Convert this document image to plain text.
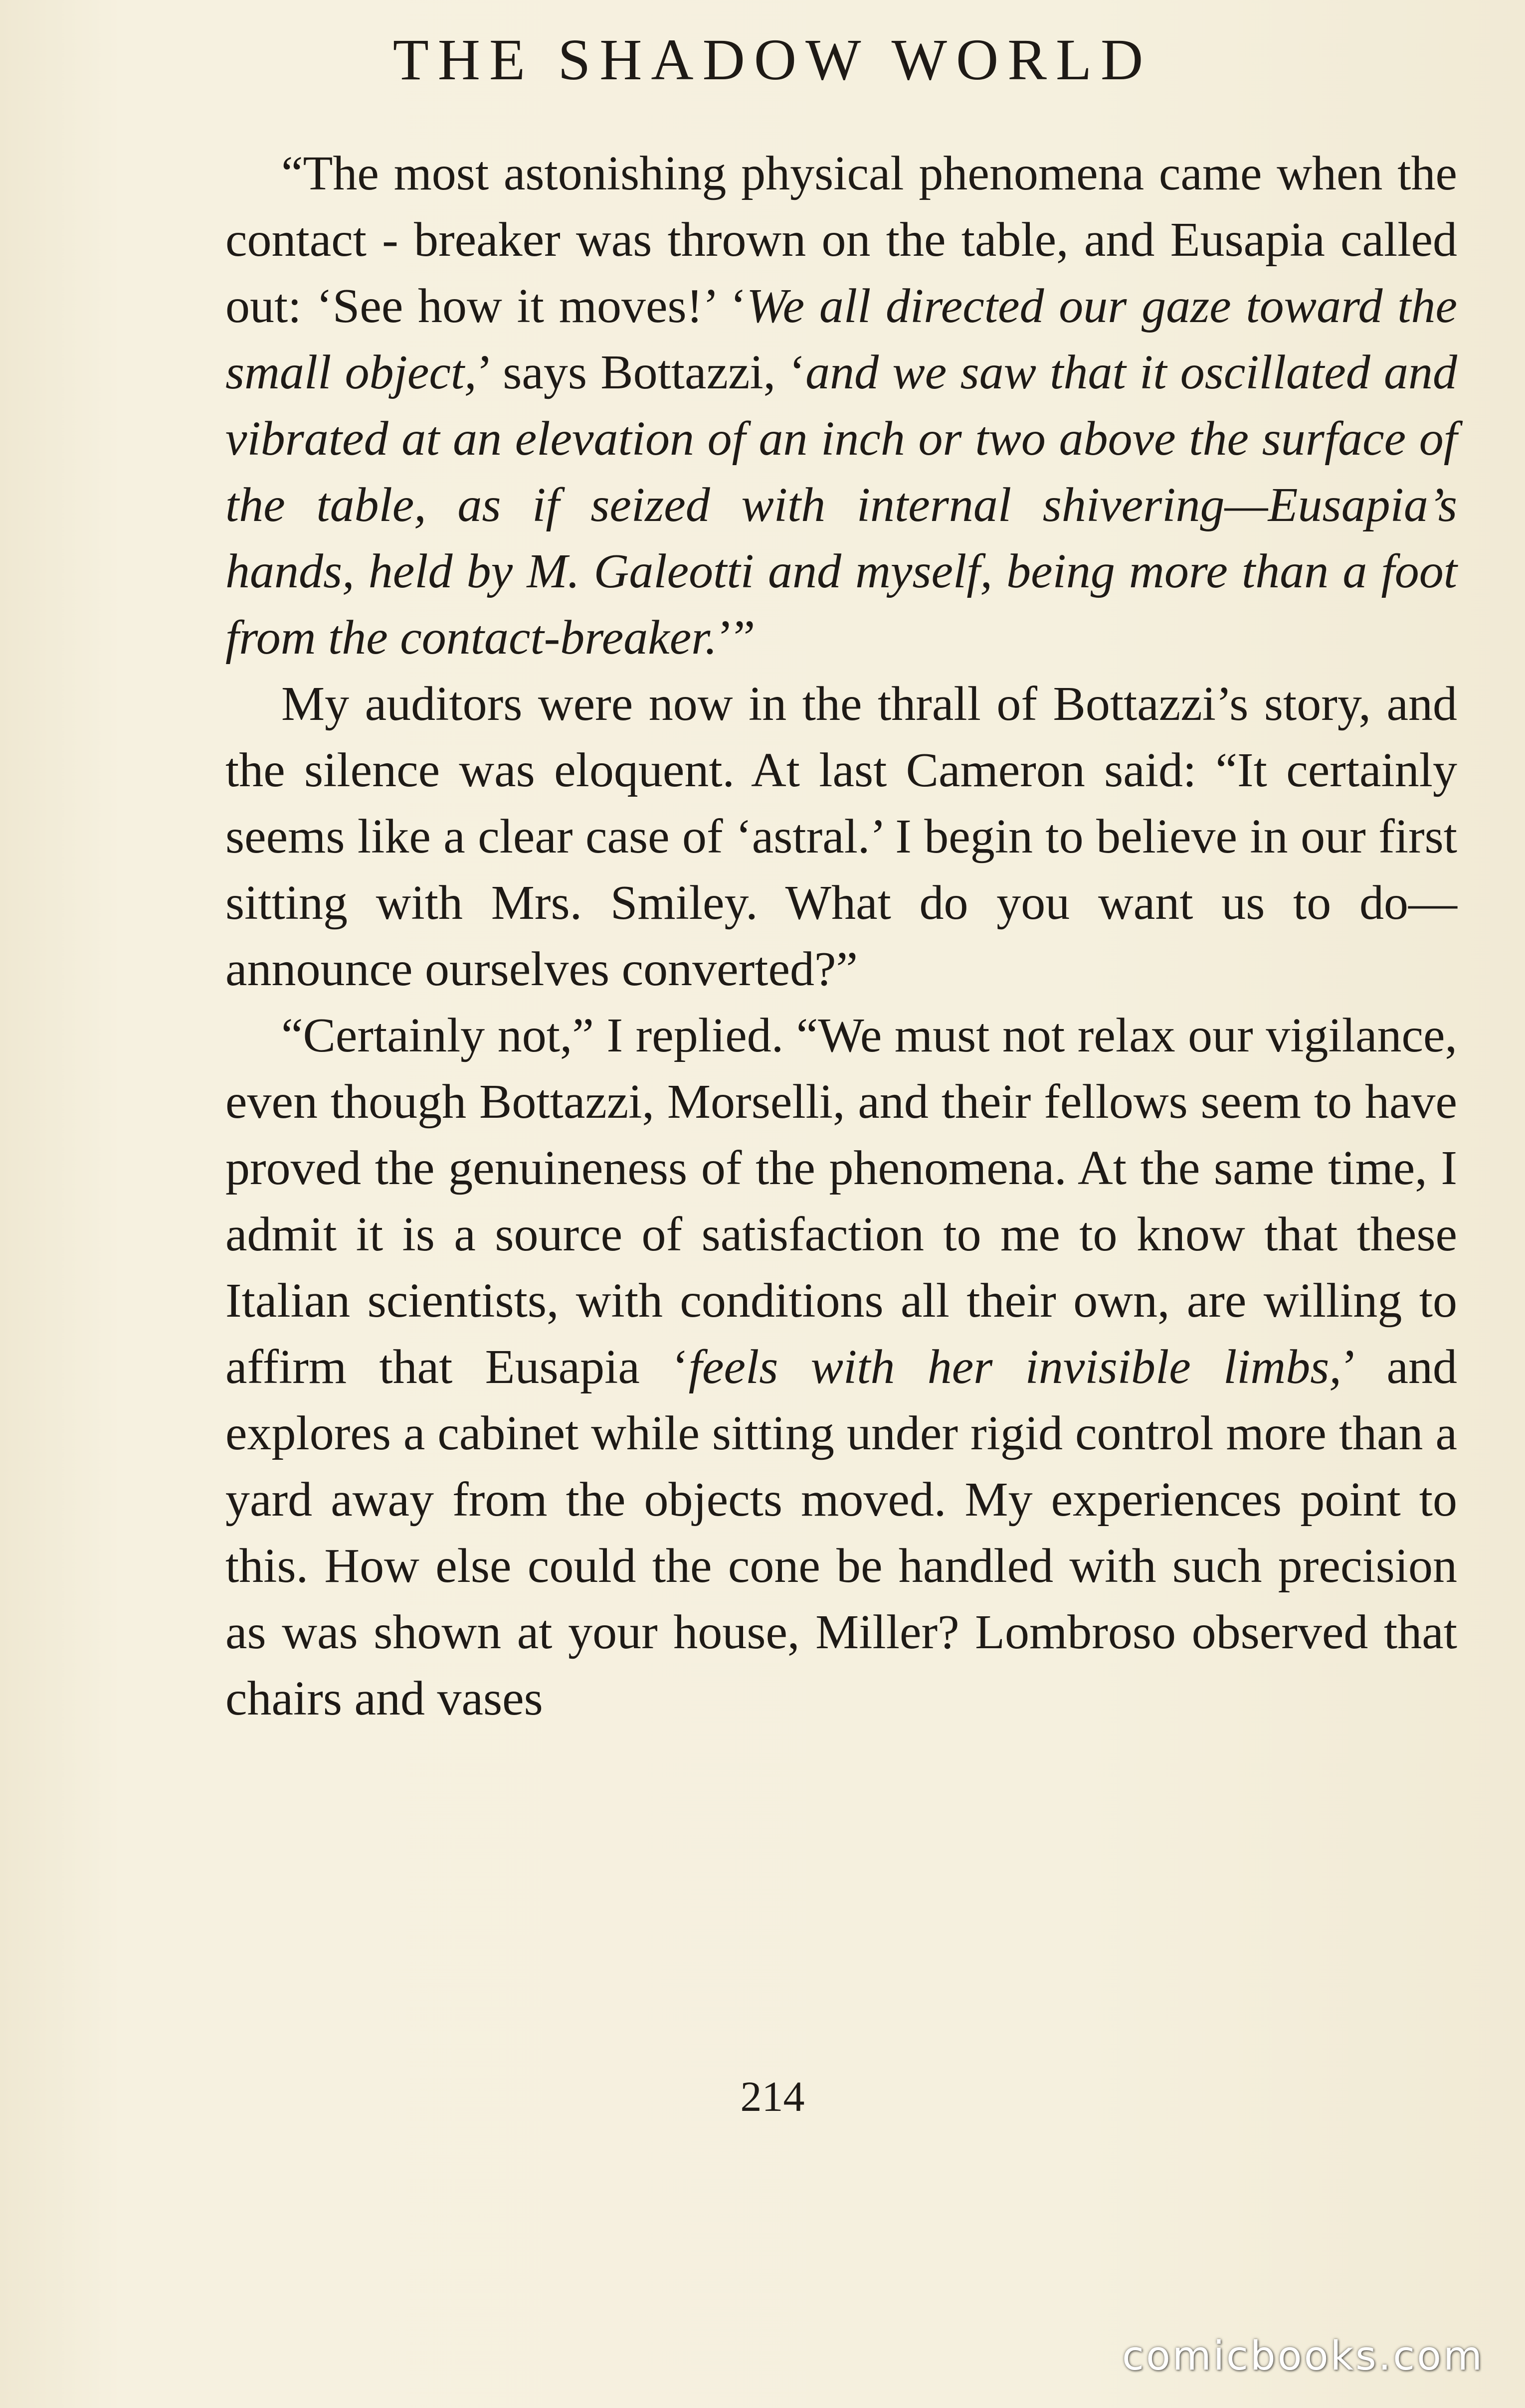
THE SHADOW WORLD

“The most astonishing physical phenomena came when the contact - breaker was thrown on the table, and Eusapia called out: ‘See how it moves!’ ‘We all directed our gaze toward the small object,’ says Bottazzi, ‘and we saw that it oscillated and vibrated at an elevation of an inch or two above the surface of the table, as if seized with internal shivering—Eusapia’s hands, held by M. Galeotti and myself, being more than a foot from the contact-breaker.’”

My auditors were now in the thrall of Bottazzi’s story, and the silence was eloquent. At last Cameron said: “It certainly seems like a clear case of ‘astral.’ I begin to believe in our first sitting with Mrs. Smiley. What do you want us to do—announce ourselves converted?”

“Certainly not,” I replied. “We must not relax our vigilance, even though Bottazzi, Morselli, and their fellows seem to have proved the genuineness of the phenomena. At the same time, I admit it is a source of satisfaction to me to know that these Italian scientists, with conditions all their own, are willing to affirm that Eusapia ‘feels with her invisible limbs,’ and explores a cabinet while sitting under rigid control more than a yard away from the objects moved. My experiences point to this. How else could the cone be handled with such precision as was shown at your house, Miller? Lombroso observed that chairs and vases

214
comicbooks.com
